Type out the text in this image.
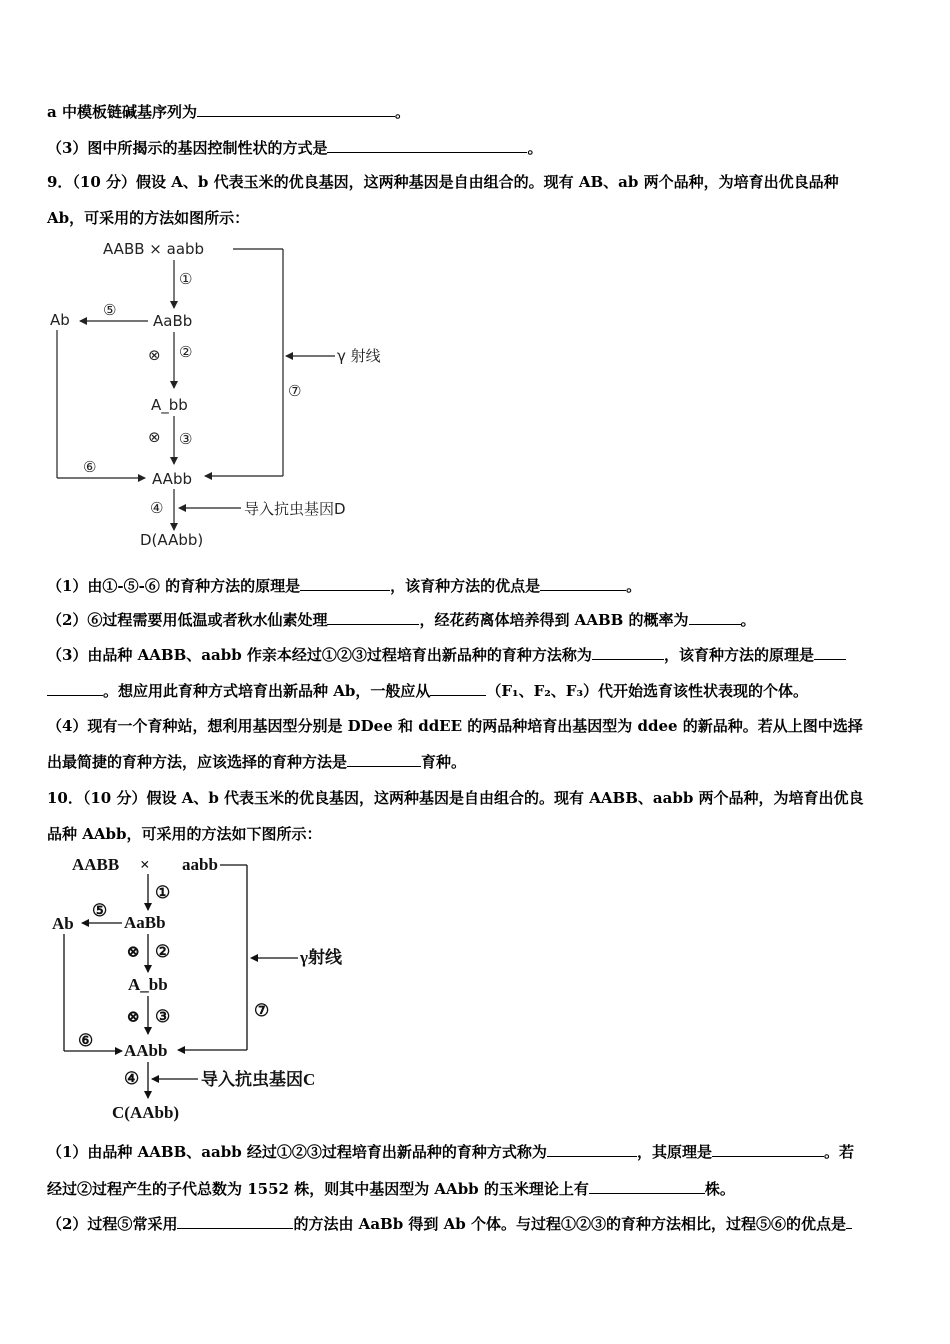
a 中模板链碱基序列为	。
（3）图中所揭示的基因控制性状的方式是	。
9．（10 分）假设 A、b 代表玉米的优良基因，这两种基因是自由组合的。现有 AB、ab 两个品种，为培育出优良品种
Ab，可采用的方法如图所示：
AABB × aabb
①
AaBb
⑤
Ab
⑥
⊗ ②	γ 射线
⑦
A_bb
⊗ ③
AAbb
④	导入抗虫基因D
D(AAbb)
（1）由①-⑤-⑥ 的育种方法的原理是	，该育种方法的优点是	。
（2）⑥过程需要用低温或者秋水仙素处理	，经花药离体培养得到 AABB 的概率为	。
（3）由品种 AABB、aabb 作亲本经过①②③过程培育出新品种的育种方法称为	，该育种方法的原理是
。想应用此育种方式培育出新品种 Ab，一般应从	（F₁、F₂、F₃）代开始选育该性状表现的个体。
（4）现有一个育种站，想利用基因型分别是 DDee 和 ddEE 的两品种培育出基因型为 ddee 的新品种。若从上图中选择
出最简捷的育种方法，应该选择的育种方法是	育种。
10．（10 分）假设 A、b 代表玉米的优良基因，这两种基因是自由组合的。现有 AABB、aabb 两个品种，为培育出优良
品种 AAbb，可采用的方法如下图所示：
AABB × aabb
①
AaBb
⑤
Ab
⑥
⊗ ②	γ射线
⑦
A_bb
⊗ ③
AAbb
④	导入抗虫基因C
C(AAbb)
（1）由品种 AABB、aabb 经过①②③过程培育出新品种的育种方式称为	，其原理是	。若
经过②过程产生的子代总数为 1552 株，则其中基因型为 AAbb 的玉米理论上有	株。
（2）过程⑤常采用	的方法由 AaBb 得到 Ab 个体。与过程①②③的育种方法相比，过程⑤⑥的优点是
